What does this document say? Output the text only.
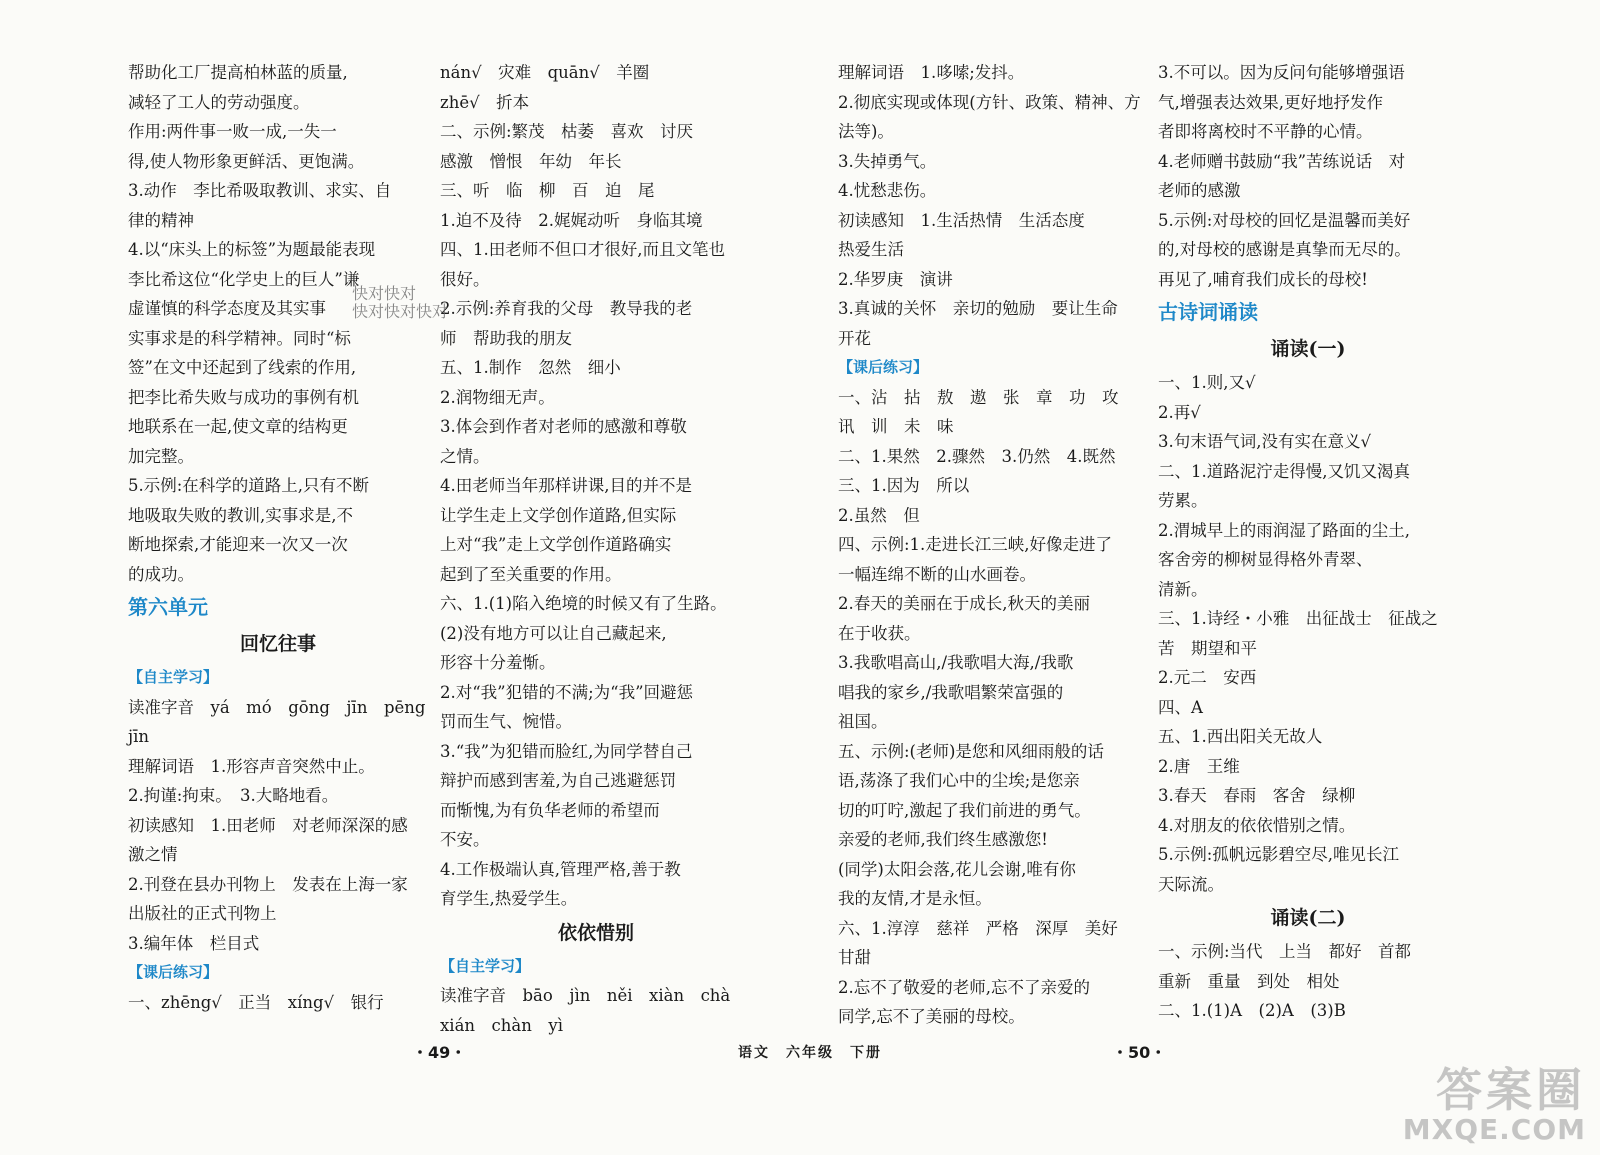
帮助化工厂提高柏林蓝的质量,

减轻了工人的劳动强度。

作用:两件事一败一成,一失一

得,使人物形象更鲜活、更饱满。

3.动作　李比希吸取教训、求实、自

律的精神

4.以“床头上的标签”为题最能表现

李比希这位“化学史上的巨人”谦

虚谨慎的科学态度及其实事

实事求是的科学精神。同时“标

签”在文中还起到了线索的作用,

把李比希失败与成功的事例有机

地联系在一起,使文章的结构更

加完整。

5.示例:在科学的道路上,只有不断

地吸取失败的教训,实事求是,不

断地探索,才能迎来一次又一次

的成功。

第六单元

回忆往事

【自主学习】

读准字音　yá　mó　gōng　jīn　pēng

jīn

理解词语　1.形容声音突然中止。

2.拘谨:拘束。　3.大略地看。

初读感知　1.田老师　对老师深深的感

激之情

2.刊登在县办刊物上　发表在上海一家

出版社的正式刊物上

3.编年体　栏目式

【课后练习】

一、zhēng√　正当　xíng√　银行

nán√　灾难　quān√　羊圈

zhē√　折本

二、示例:繁茂　枯萎　喜欢　讨厌

感激　憎恨　年幼　年长

三、听　临　柳　百　迫　尾

1.迫不及待　2.娓娓动听　身临其境

四、1.田老师不但口才很好,而且文笔也

很好。

2.示例:养育我的父母　教导我的老

师　帮助我的朋友

五、1.制作　忽然　细小

2.润物细无声。

3.体会到作者对老师的感激和尊敬

之情。

4.田老师当年那样讲课,目的并不是

让学生走上文学创作道路,但实际

上对“我”走上文学创作道路确实

起到了至关重要的作用。

六、1.(1)陷入绝境的时候又有了生路。

(2)没有地方可以让自己藏起来,

形容十分羞惭。

2.对“我”犯错的不满;为“我”回避惩

罚而生气、惋惜。

3.“我”为犯错而脸红,为同学替自己

辩护而感到害羞,为自己逃避惩罚

而惭愧,为有负华老师的希望而

不安。

4.工作极端认真,管理严格,善于教

育学生,热爱学生。

依依惜别

【自主学习】

读准字音　bāo　jìn　něi　xiàn　chà

xián　chàn　yì

理解词语　1.哆嗦;发抖。

2.彻底实现或体现(方针、政策、精神、方

法等)。

3.失掉勇气。

4.忧愁悲伤。

初读感知　1.生活热情　生活态度

热爱生活

2.华罗庚　演讲

3.真诚的关怀　亲切的勉励　要让生命

开花

【课后练习】

一、沾　拈　敖　遨　张　章　功　攻

讯　训　未　味

二、1.果然　2.骤然　3.仍然　4.既然

三、1.因为　所以

2.虽然　但

四、示例:1.走进长江三峡,好像走进了

一幅连绵不断的山水画卷。

2.春天的美丽在于成长,秋天的美丽

在于收获。

3.我歌唱高山,/我歌唱大海,/我歌

唱我的家乡,/我歌唱繁荣富强的

祖国。

五、示例:(老师)是您和风细雨般的话

语,荡涤了我们心中的尘埃;是您亲

切的叮咛,激起了我们前进的勇气。

亲爱的老师,我们终生感激您!

(同学)太阳会落,花儿会谢,唯有你

我的友情,才是永恒。

六、1.淳淳　慈祥　严格　深厚　美好

甘甜

2.忘不了敬爱的老师,忘不了亲爱的

同学,忘不了美丽的母校。

3.不可以。因为反问句能够增强语

气,增强表达效果,更好地抒发作

者即将离校时不平静的心情。

4.老师赠书鼓励“我”苦练说话　对

老师的感激

5.示例:对母校的回忆是温馨而美好

的,对母校的感谢是真挚而无尽的。

再见了,哺育我们成长的母校!

古诗词诵读

诵读(一)

一、1.则,又√

2.再√

3.句末语气词,没有实在意义√

二、1.道路泥泞走得慢,又饥又渴真

劳累。

2.渭城早上的雨润湿了路面的尘土,

客舍旁的柳树显得格外青翠、

清新。

三、1.诗经・小雅　出征战士　征战之

苦　期望和平

2.元二　安西

四、A

五、1.西出阳关无故人

2.唐　王维

3.春天　春雨　客舍　绿柳

4.对朋友的依依惜别之情。

5.示例:孤帆远影碧空尽,唯见长江

天际流。

诵读(二)

一、示例:当代　上当　都好　首都

重新　重量　到处　相处

二、1.(1)A　(2)A　(3)B

快对快对
快对快对快对
・49・	语文　六年级　下册	・50・
答案圈
MXQE.COM
